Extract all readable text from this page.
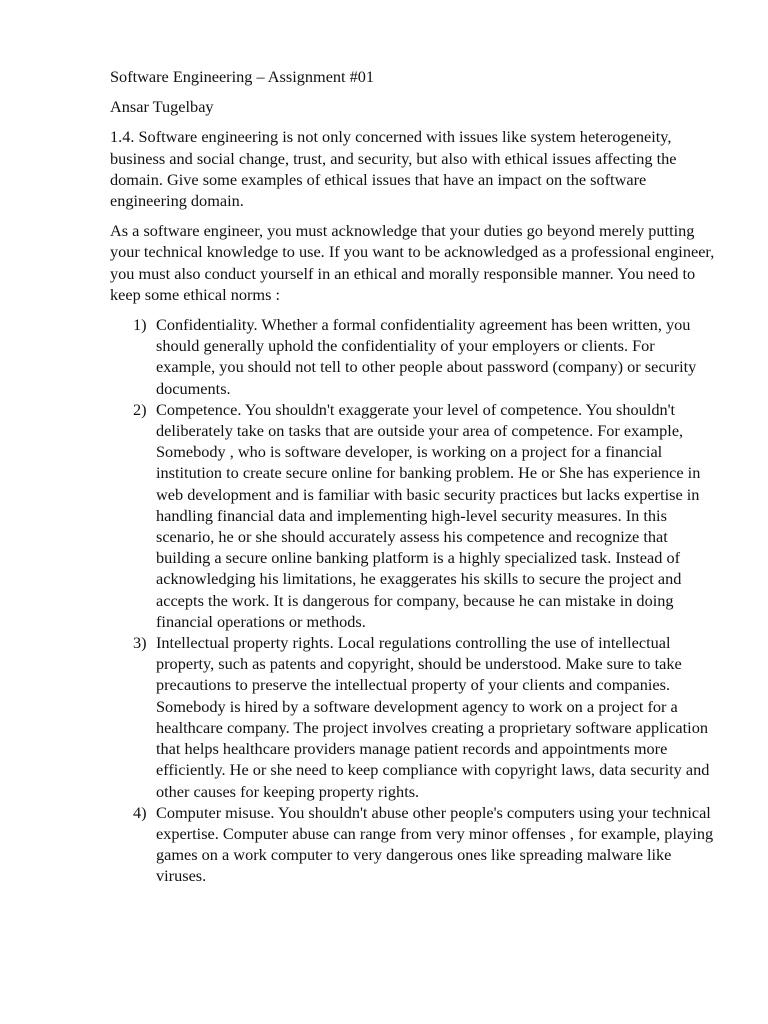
Software Engineering – Assignment #01

Ansar Tugelbay

1.4. Software engineering is not only concerned with issues like system heterogeneity, business and social change, trust, and security, but also with ethical issues affecting the domain. Give some examples of ethical issues that have an impact on the software engineering domain.

As a software engineer, you must acknowledge that your duties go beyond merely putting your technical knowledge to use. If you want to be acknowledged as a professional engineer, you must also conduct yourself in an ethical and morally responsible manner. You need to keep some ethical norms :

1) Confidentiality. Whether a formal confidentiality agreement has been written, you should generally uphold the confidentiality of your employers or clients. For example, you should not tell to other people about password (company) or security documents.
2) Competence. You shouldn't exaggerate your level of competence. You shouldn't deliberately take on tasks that are outside your area of competence. For example, Somebody , who is software developer, is working on a project for a financial institution to create secure online for banking problem. He or She has experience in web development and is familiar with basic security practices but lacks expertise in handling financial data and implementing high-level security measures. In this scenario, he or she should accurately assess his competence and recognize that building a secure online banking platform is a highly specialized task. Instead of acknowledging his limitations, he exaggerates his skills to secure the project and accepts the work. It is dangerous for company, because he can mistake in doing financial operations or methods.
3) Intellectual property rights. Local regulations controlling the use of intellectual property, such as patents and copyright, should be understood. Make sure to take precautions to preserve the intellectual property of your clients and companies. Somebody is hired by a software development agency to work on a project for a healthcare company. The project involves creating a proprietary software application that helps healthcare providers manage patient records and appointments more efficiently. He or she need to keep compliance with copyright laws, data security and other causes for keeping property rights.
4) Computer misuse. You shouldn't abuse other people's computers using your technical expertise. Computer abuse can range from very minor offenses , for example, playing games on a work computer to very dangerous ones like spreading malware like viruses.
